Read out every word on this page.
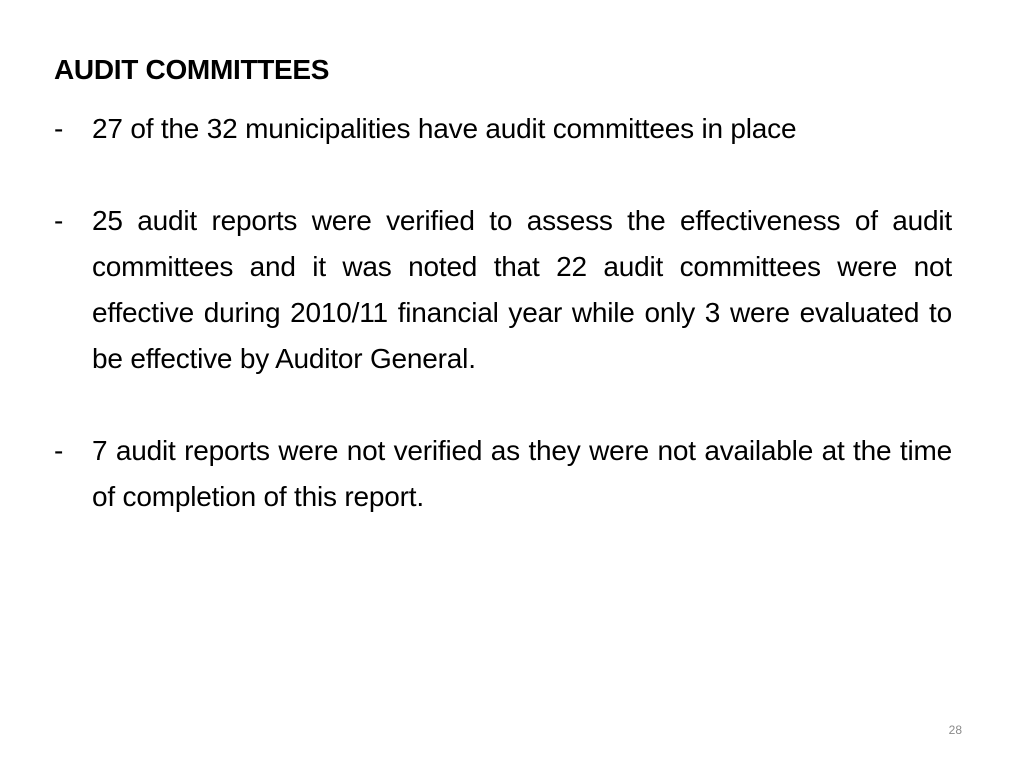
AUDIT COMMITTEES
-	27 of the 32 municipalities have audit committees in place
-	25 audit reports were verified to assess the effectiveness of audit committees and it was noted that 22 audit committees were not effective during 2010/11 financial year while only 3 were evaluated to be effective by Auditor General.
-	7 audit reports were not verified as they were not available at the time of completion of this report.
28
